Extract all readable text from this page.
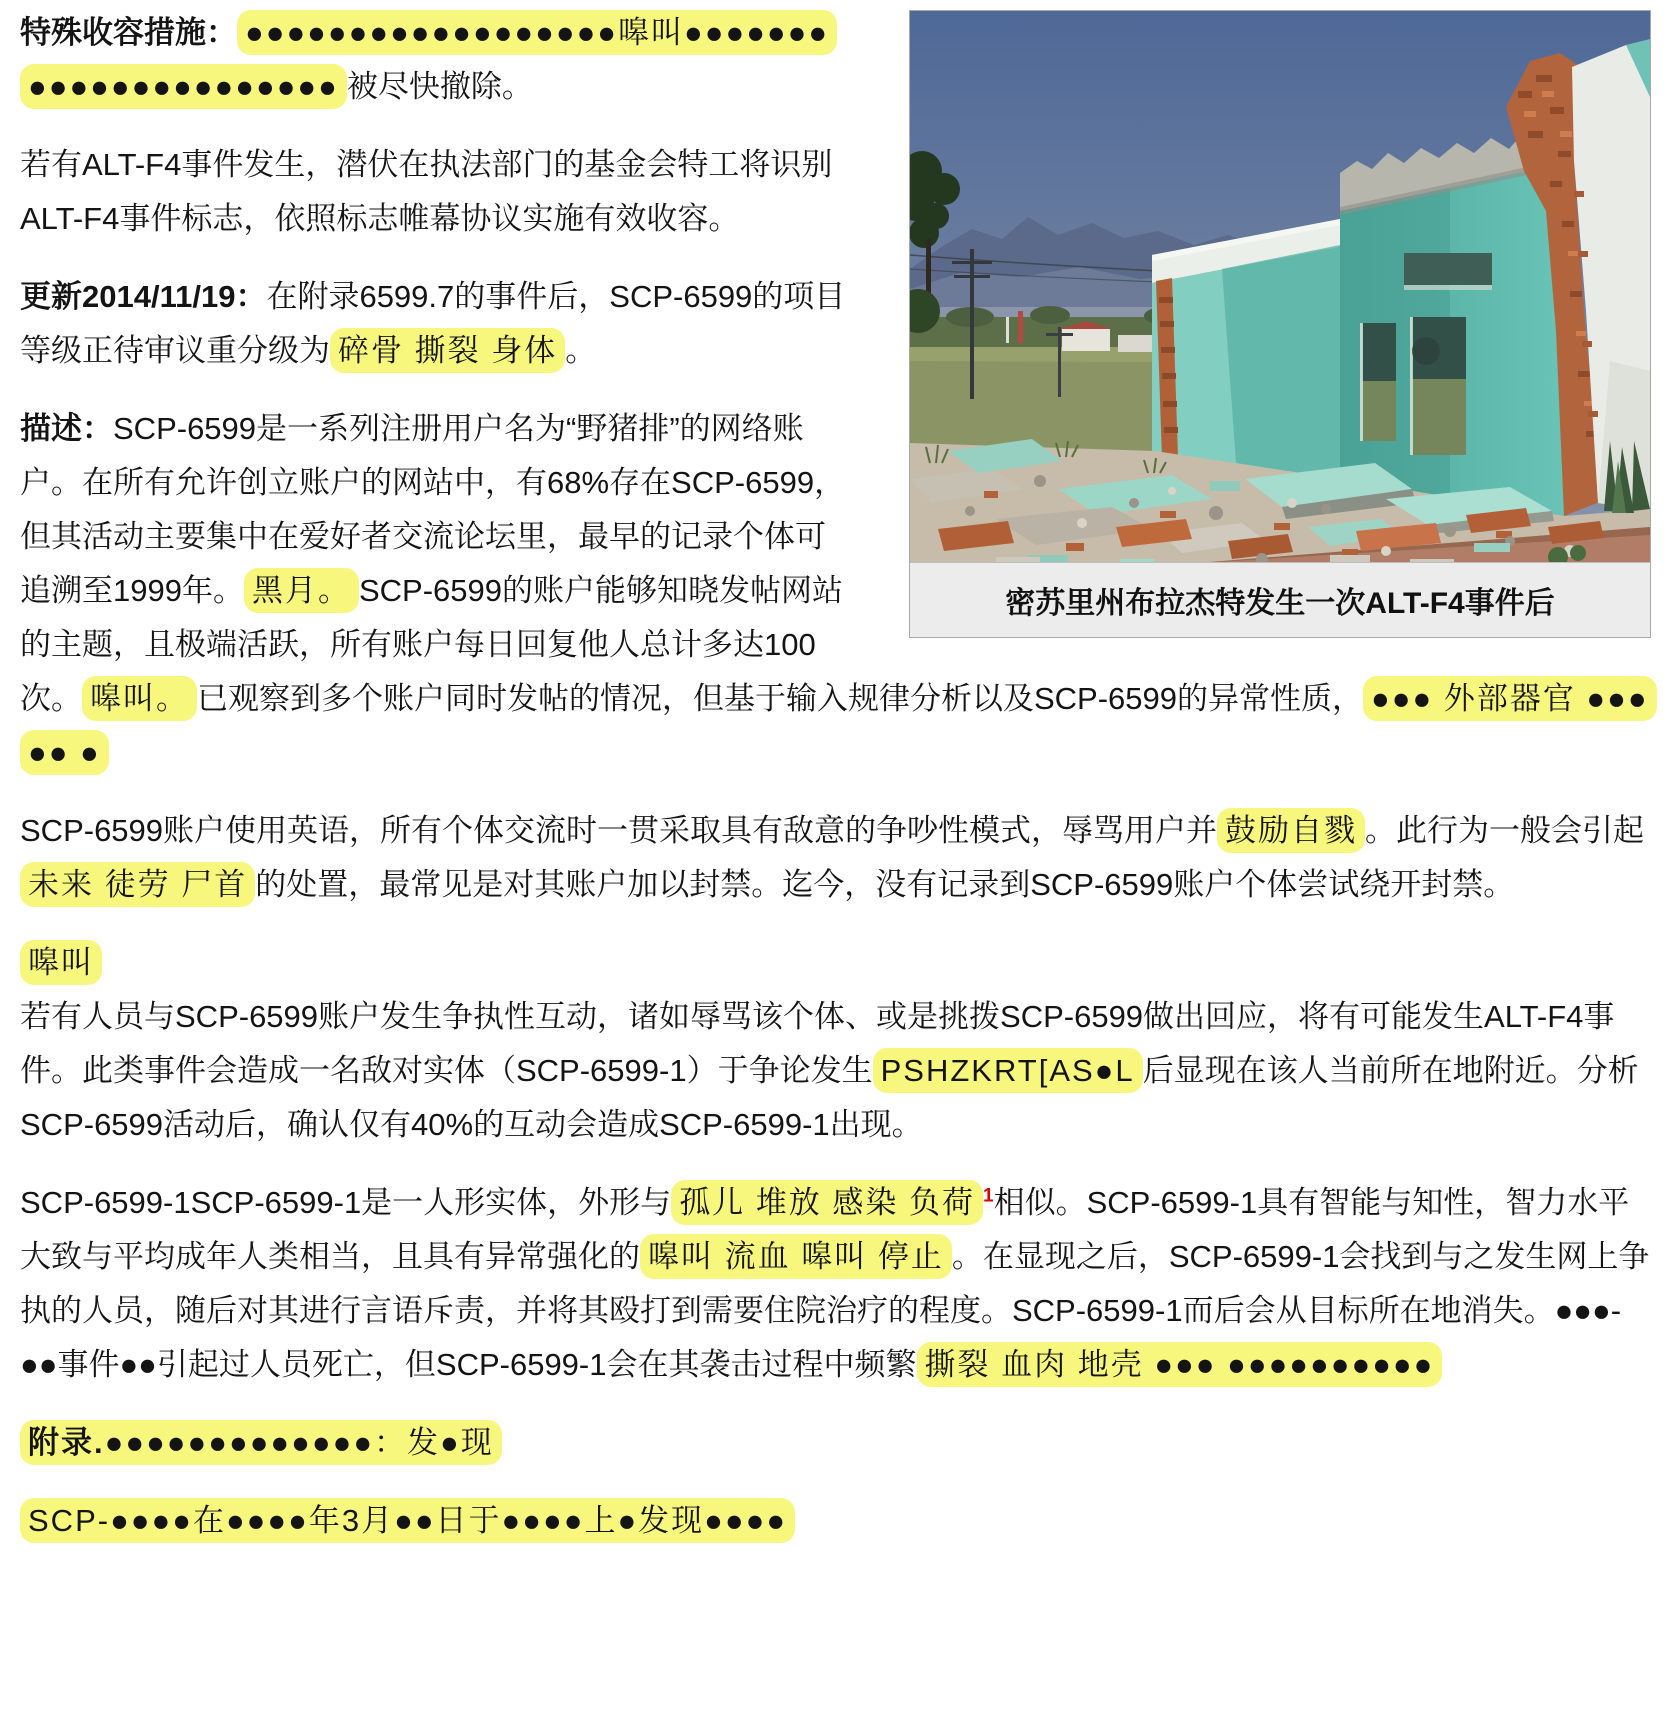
密苏里州布拉杰特发生一次ALT-F4事件后

特殊收容措施： ●●●●●●●●●●●●●●●●●●嗥叫●●●●●●●●●●●●●●●●●●●●●● 被尽快撤除。

若有ALT-F4事件发生，潜伏在执法部门的基金会特工将识别ALT-F4事件标志，依照标志帷幕协议实施有效收容。

更新2014/11/19：在附录6599.7的事件后，SCP-6599的项目等级正待审议重分级为 碎骨 撕裂 身体 。

描述：SCP-6599是一系列注册用户名为“野猪排”的网络账户。在所有允许创立账户的网站中，有68%存在SCP-6599，但其活动主要集中在爱好者交流论坛里，最早的记录个体可追溯至1999年。 黑月。 SCP-6599的账户能够知晓发帖网站的主题，且极端活跃，所有账户每日回复他人总计多达100次。 嗥叫。 已观察到多个账户同时发帖的情况，但基于输入规律分析以及SCP-6599的异常性质， ●●● 外部器官 ●●● ●● ●

SCP-6599账户使用英语，所有个体交流时一贯采取具有敌意的争吵性模式，辱骂用户并 鼓励自戮 。此行为一般会引起未来 徒劳 尸首 的处置，最常见是对其账户加以封禁。迄今，没有记录到SCP-6599账户个体尝试绕开封禁。

嗥叫
若有人员与SCP-6599账户发生争执性互动，诸如辱骂该个体、或是挑拨SCP-6599做出回应，将有可能发生ALT-F4事件。此类事件会造成一名敌对实体（SCP-6599-1）于争论发生 PSHZKRT[AS●L 后显现在该人当前所在地附近。分析SCP-6599活动后，确认仅有40%的互动会造成SCP-6599-1出现。

SCP-6599-1SCP-6599-1是一人形实体，外形与 孤儿 堆放 感染 负荷 $^1$相似。SCP-6599-1具有智能与知性，智力水平大致与平均成年人类相当，且具有异常强化的 嗥叫 流血 嗥叫 停止 。在显现之后，SCP-6599-1会找到与之发生网上争执的人员，随后对其进行言语斥责，并将其殴打到需要住院治疗的程度。SCP-6599-1而后会从目标所在地消失。●●●-●●事件●●引起过人员死亡，但SCP-6599-1会在其袭击过程中频繁 撕裂 血肉 地壳 ●●● ●●●●●●●●●●

附录.●●●●●●●●●●●●●：发●现

SCP-●●●●在●●●●年3月●●日于●●●●上●发现●●●●
